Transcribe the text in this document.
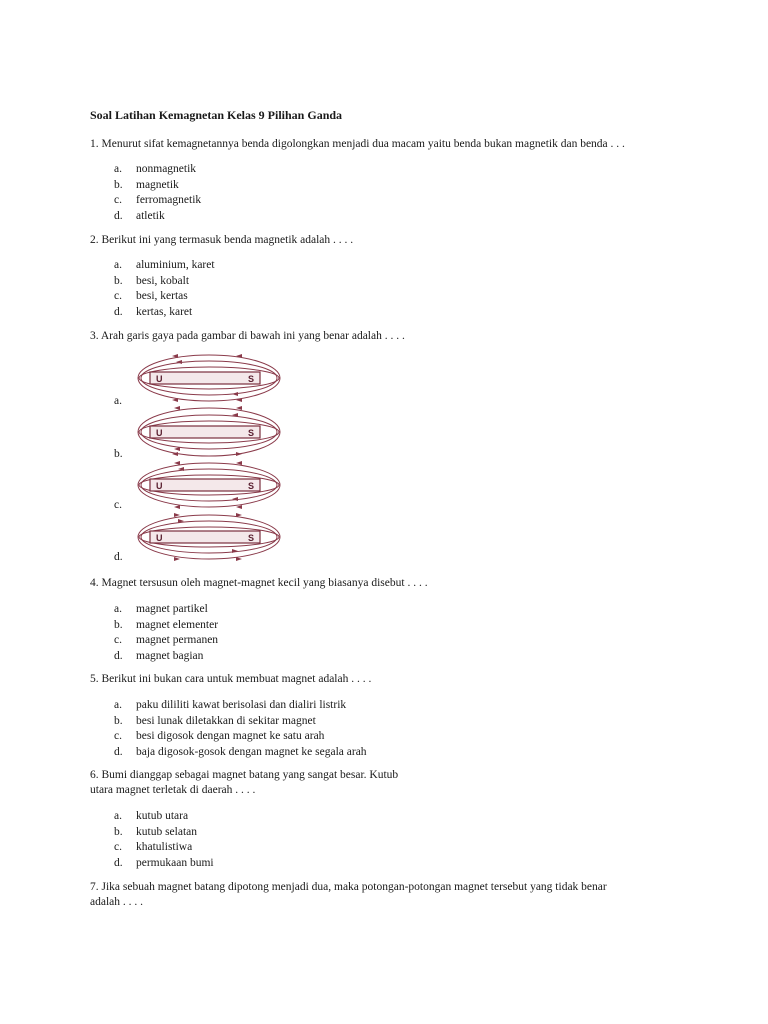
Soal Latihan Kemagnetan Kelas 9 Pilihan Ganda
1. Menurut sifat kemagnetannya benda digolongkan menjadi dua macam yaitu benda bukan magnetik dan benda . . .
a.	nonmagnetik
b.	magnetik
c.	ferromagnetik
d.	atletik
2. Berikut ini yang termasuk benda magnetik adalah . . . .
a.	aluminium, karet
b.	besi, kobalt
c.	besi, kertas
d.	kertas, karet
3. Arah garis gaya pada gambar di bawah ini yang benar adalah . . . .
a.
U	S
b.
U	S
c.
U	S
d.
U	S
4. Magnet tersusun oleh magnet-magnet kecil yang biasanya disebut . . . .
a.	magnet partikel
b.	magnet elementer
c.	magnet permanen
d.	magnet bagian
5. Berikut ini bukan cara untuk membuat magnet adalah . . . .
a.	paku dililiti kawat berisolasi dan dialiri listrik
b.	besi lunak diletakkan di sekitar magnet
c.	besi digosok dengan magnet ke satu arah
d.	baja digosok-gosok dengan magnet ke segala arah
6. Bumi dianggap sebagai magnet batang yang sangat besar. Kutub
utara magnet terletak di daerah . . . .
a.	kutub utara
b.	kutub selatan
c.	khatulistiwa
d.	permukaan bumi
7. Jika sebuah magnet batang dipotong menjadi dua, maka potongan-potongan magnet tersebut yang tidak benar
adalah . . . .
